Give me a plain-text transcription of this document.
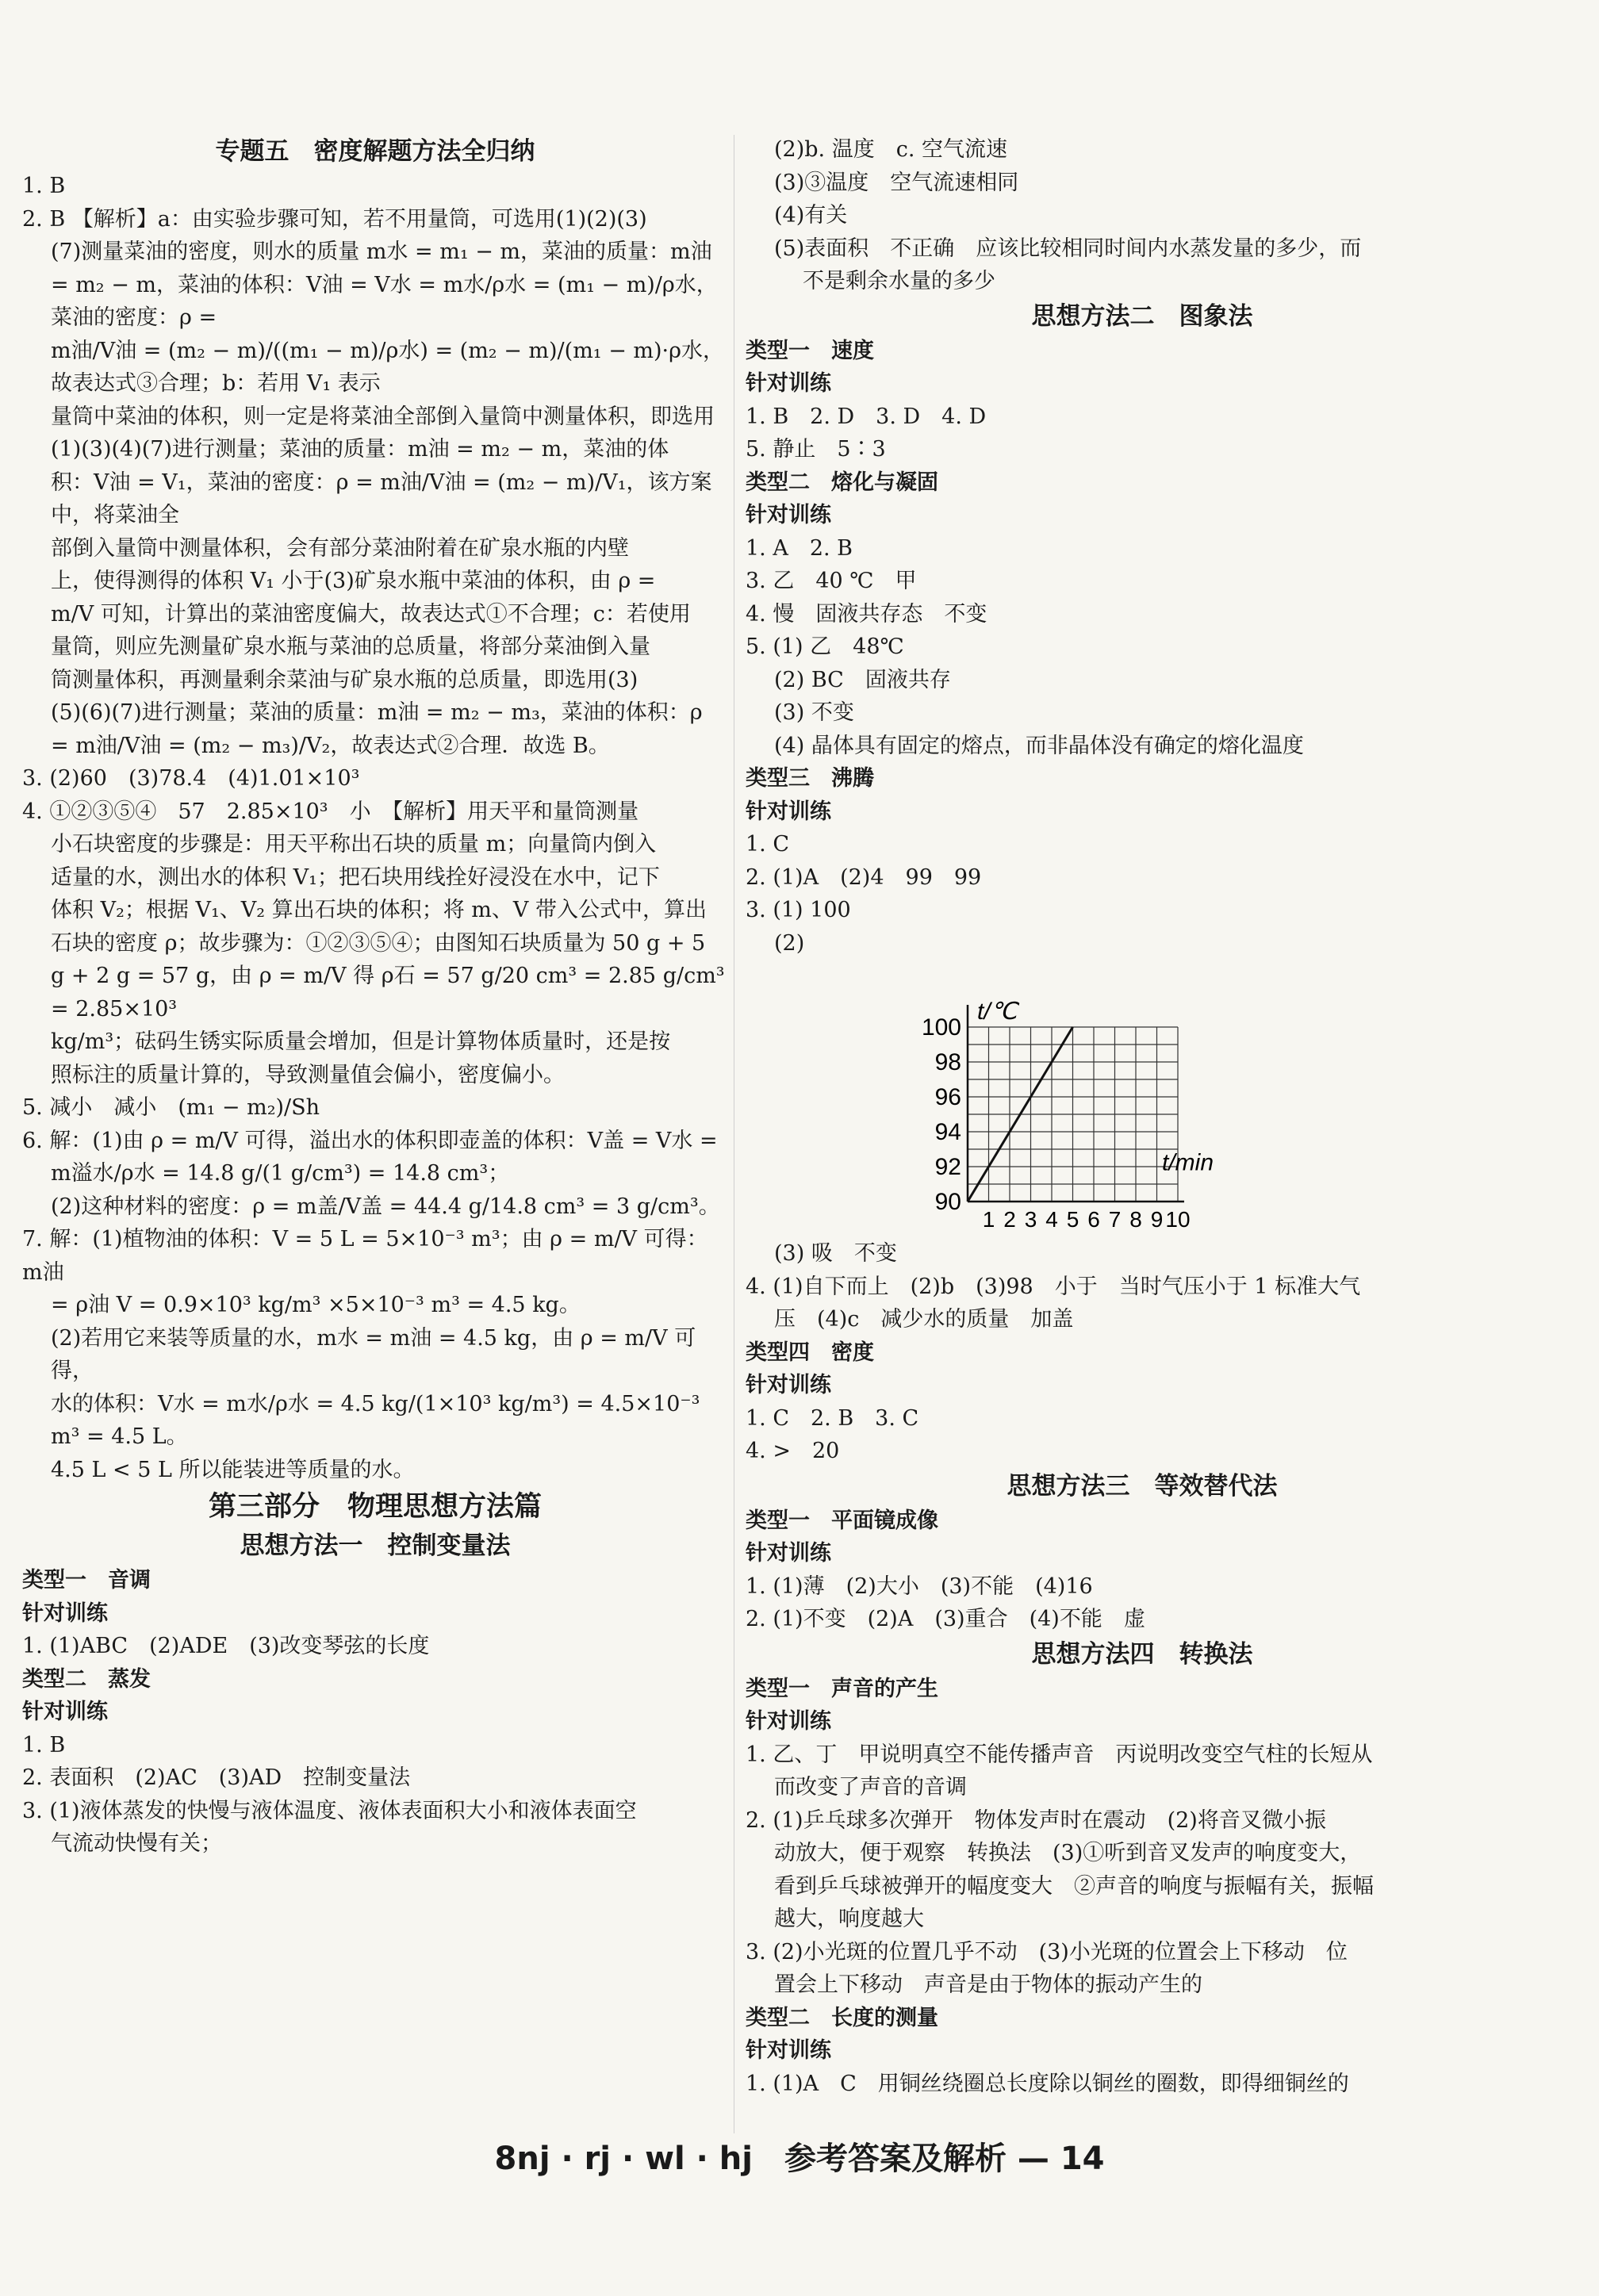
专题五　密度解题方法全归纳
1. B
2. B 【解析】a：由实验步骤可知，若不用量筒，可选用(1)(2)(3)
(7)测量菜油的密度，则水的质量 m水 = m₁ − m，菜油的质量：m油
= m₂ − m，菜油的体积：V油 = V水 = m水/ρ水 = (m₁ − m)/ρ水，菜油的密度：ρ =
m油/V油 = (m₂ − m)/((m₁ − m)/ρ水) = (m₂ − m)/(m₁ − m)·ρ水，故表达式③合理；b：若用 V₁ 表示
量筒中菜油的体积，则一定是将菜油全部倒入量筒中测量体积，即选用
(1)(3)(4)(7)进行测量；菜油的质量：m油 = m₂ − m，菜油的体
积：V油 = V₁，菜油的密度：ρ = m油/V油 = (m₂ − m)/V₁，该方案中，将菜油全
部倒入量筒中测量体积，会有部分菜油附着在矿泉水瓶的内壁
上，使得测得的体积 V₁ 小于(3)矿泉水瓶中菜油的体积，由 ρ =
m/V 可知，计算出的菜油密度偏大，故表达式①不合理；c：若使用
量筒，则应先测量矿泉水瓶与菜油的总质量，将部分菜油倒入量
筒测量体积，再测量剩余菜油与矿泉水瓶的总质量，即选用(3)
(5)(6)(7)进行测量；菜油的质量：m油 = m₂ − m₃，菜油的体积：ρ
= m油/V油 = (m₂ − m₃)/V₂，故表达式②合理．故选 B。
3. (2)60　(3)78.4　(4)1.01×10³
4. ①②③⑤④　57　2.85×10³　小　【解析】用天平和量筒测量
小石块密度的步骤是：用天平称出石块的质量 m；向量筒内倒入
适量的水，测出水的体积 V₁；把石块用线拴好浸没在水中，记下
体积 V₂；根据 V₁、V₂ 算出石块的体积；将 m、V 带入公式中，算出
石块的密度 ρ；故步骤为：①②③⑤④；由图知石块质量为 50 g + 5
g + 2 g = 57 g，由 ρ = m/V 得 ρ石 = 57 g/20 cm³ = 2.85 g/cm³ = 2.85×10³
kg/m³；砝码生锈实际质量会增加，但是计算物体质量时，还是按
照标注的质量计算的，导致测量值会偏小，密度偏小。
5. 减小　减小　(m₁ − m₂)/Sh
6. 解：(1)由 ρ = m/V 可得，溢出水的体积即壶盖的体积：V盖 = V水 =
m溢水/ρ水 = 14.8 g/(1 g/cm³) = 14.8 cm³；
(2)这种材料的密度：ρ = m盖/V盖 = 44.4 g/14.8 cm³ = 3 g/cm³。
7. 解：(1)植物油的体积：V = 5 L = 5×10⁻³ m³；由 ρ = m/V 可得：m油
= ρ油 V = 0.9×10³ kg/m³ ×5×10⁻³ m³ = 4.5 kg。
(2)若用它来装等质量的水，m水 = m油 = 4.5 kg，由 ρ = m/V 可得，
水的体积：V水 = m水/ρ水 = 4.5 kg/(1×10³ kg/m³) = 4.5×10⁻³ m³ = 4.5 L。
4.5 L < 5 L 所以能装进等质量的水。
第三部分　物理思想方法篇
思想方法一　控制变量法
类型一　音调
针对训练
1. (1)ABC　(2)ADE　(3)改变琴弦的长度
类型二　蒸发
针对训练
1. B
2. 表面积　(2)AC　(3)AD　控制变量法
3. (1)液体蒸发的快慢与液体温度、液体表面积大小和液体表面空
气流动快慢有关；
(2)b. 温度　c. 空气流速
(3)③温度　空气流速相同
(4)有关
(5)表面积　不正确　应该比较相同时间内水蒸发量的多少，而
不是剩余水量的多少
思想方法二　图象法
类型一　速度
针对训练
1. B　2. D　3. D　4. D
5. 静止　5∶3
类型二　熔化与凝固
针对训练
1. A　2. B
3. 乙　40 ℃　甲
4. 慢　固液共存态　不变
5. (1) 乙　48℃
(2) BC　固液共存
(3) 不变
(4) 晶体具有固定的熔点，而非晶体没有确定的熔化温度
类型三　沸腾
针对训练
1. C
2. (1)A　(2)4　99　99
3. (1) 100
(2)
100
98
96
94
92
90
1 2 3 4 5 6 7 8 9 10
t/℃
t/min
(3) 吸　不变
4. (1)自下而上　(2)b　(3)98　小于　当时气压小于 1 标准大气
压　(4)c　减少水的质量　加盖
类型四　密度
针对训练
1. C　2. B　3. C
4. >　20
思想方法三　等效替代法
类型一　平面镜成像
针对训练
1. (1)薄　(2)大小　(3)不能　(4)16
2. (1)不变　(2)A　(3)重合　(4)不能　虚
思想方法四　转换法
类型一　声音的产生
针对训练
1. 乙、丁　甲说明真空不能传播声音　丙说明改变空气柱的长短从
而改变了声音的音调
2. (1)乒乓球多次弹开　物体发声时在震动　(2)将音叉微小振
动放大，便于观察　转换法　(3)①听到音叉发声的响度变大，
看到乒乓球被弹开的幅度变大　②声音的响度与振幅有关，振幅
越大，响度越大
3. (2)小光斑的位置几乎不动　(3)小光斑的位置会上下移动　位
置会上下移动　声音是由于物体的振动产生的
类型二　长度的测量
针对训练
1. (1)A　C　用铜丝绕圈总长度除以铜丝的圈数，即得细铜丝的
8nj · rj · wl · hj　参考答案及解析 — 14
